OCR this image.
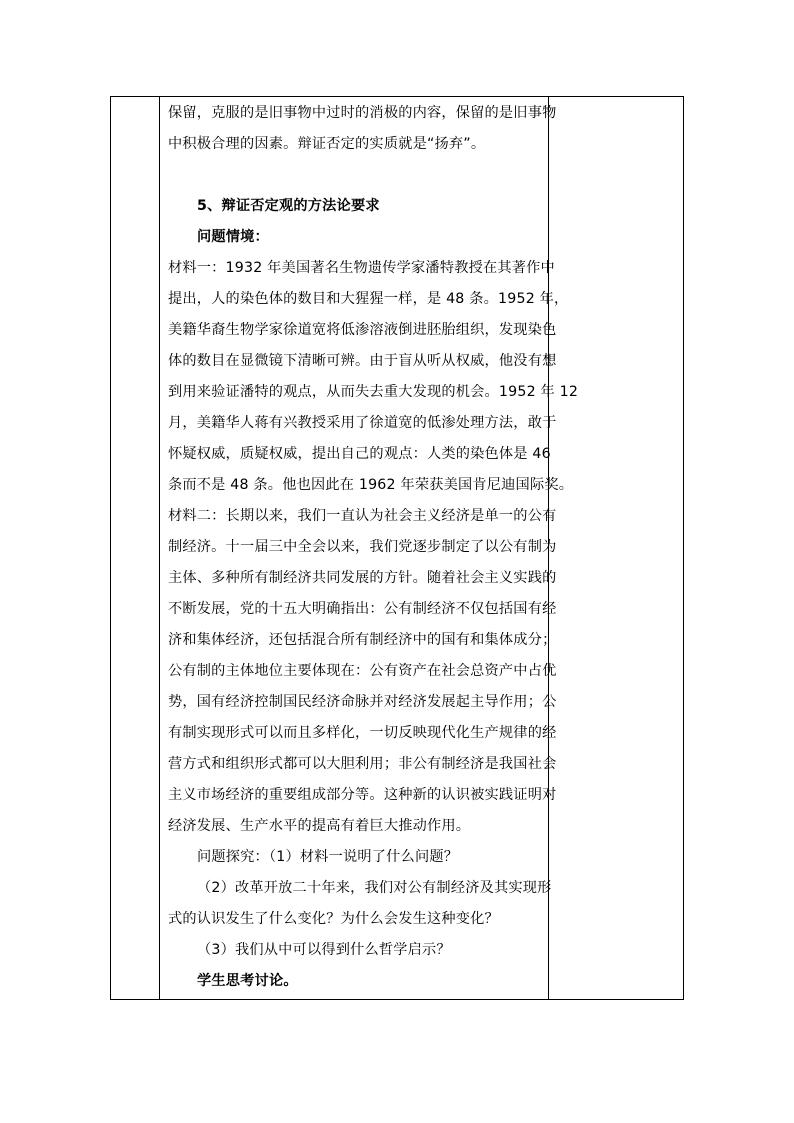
保留，克服的是旧事物中过时的消极的内容，保留的是旧事物
中积极合理的因素。辩证否定的实质就是“扬弃”。
5、辩证否定观的方法论要求
问题情境：
材料一：1932 年美国著名生物遗传学家潘特教授在其著作中
提出，人的染色体的数目和大猩猩一样，是 48 条。1952 年，
美籍华裔生物学家徐道宽将低渗溶液倒进胚胎组织，发现染色
体的数目在显微镜下清晰可辨。由于盲从听从权威，他没有想
到用来验证潘特的观点，从而失去重大发现的机会。1952 年 12
月，美籍华人蒋有兴教授采用了徐道宽的低渗处理方法，敢于
怀疑权威，质疑权威，提出自己的观点：人类的染色体是 46
条而不是 48 条。他也因此在 1962 年荣获美国肯尼迪国际奖。
材料二：长期以来，我们一直认为社会主义经济是单一的公有
制经济。十一届三中全会以来，我们党逐步制定了以公有制为
主体、多种所有制经济共同发展的方针。随着社会主义实践的
不断发展，党的十五大明确指出：公有制经济不仅包括国有经
济和集体经济，还包括混合所有制经济中的国有和集体成分；
公有制的主体地位主要体现在：公有资产在社会总资产中占优
势，国有经济控制国民经济命脉并对经济发展起主导作用；公
有制实现形式可以而且多样化，一切反映现代化生产规律的经
营方式和组织形式都可以大胆利用；非公有制经济是我国社会
主义市场经济的重要组成部分等。这种新的认识被实践证明对
经济发展、生产水平的提高有着巨大推动作用。
问题探究：（1）材料一说明了什么问题？
（2）改革开放二十年来，我们对公有制经济及其实现形
式的认识发生了什么变化？为什么会发生这种变化？
（3）我们从中可以得到什么哲学启示？
学生思考讨论。
